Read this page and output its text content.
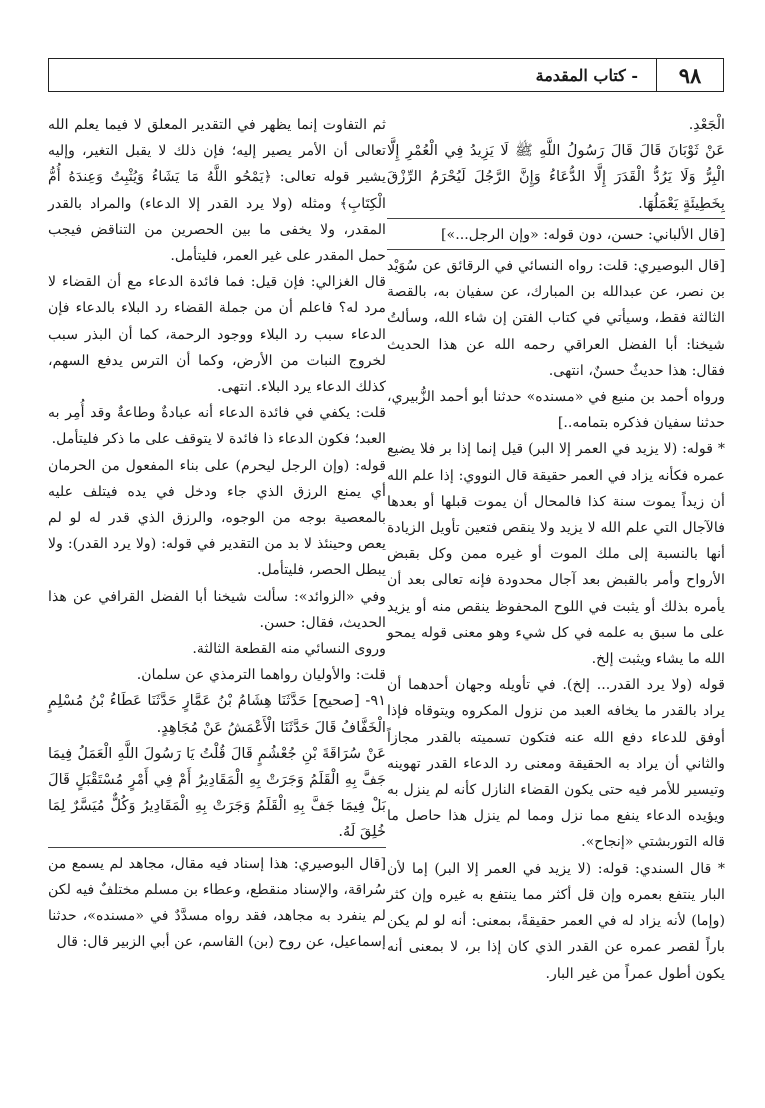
٩٨
- كتاب المقدمة

الْجَعْدِ.

عَنْ ثَوْبَانَ قَالَ قَالَ رَسُولُ اللَّهِ ﷺ لَا يَزِيدُ فِي الْعُمْرِ إِلَّا الْبِرُّ وَلَا يَرُدُّ الْقَدَرَ إِلَّا الدُّعَاءُ وَإِنَّ الرَّجُلَ لَيُحْرَمُ الرِّزْقَ بِخَطِيئَةٍ يَعْمَلُهَا.

[قال الألباني: حسن، دون قوله: «وإن الرجل...»]

[قال البوصيري: قلت: رواه النسائي في الرقائق عن سُوَيْد بن نصر، عن عبدالله بن المبارك، عن سفيان به، بالقصة الثالثة فقط، وسيأتي في كتاب الفتن إن شاء الله، وسألتُ شيخنا: أبا الفضل العراقي رحمه الله عن هذا الحديث فقال: هذا حديثٌ حسنٌ، انتهى.

ورواه أحمد بن منيع في «مسنده» حدثنا أبو أحمد الزُّبيري، حدثنا سفيان فذكره بتمامه..]

* قوله: (لا يزيد في العمر إلا البر) قيل إنما إذا بر فلا يضيع عمره فكأنه يزاد في العمر حقيقة قال النووي: إذا علم الله أن زيداً يموت سنة كذا فالمحال أن يموت قبلها أو بعدها فالآجال التي علم الله لا يزيد ولا ينقص فتعين تأويل الزيادة أنها بالنسبة إلى ملك الموت أو غيره ممن وكل بقبض الأرواح وأمر بالقبض بعد آجال محدودة فإنه تعالى بعد أن يأمره بذلك أو يثبت في اللوح المحفوظ ينقص منه أو يزيد على ما سبق به علمه في كل شيء وهو معنى قوله يمحو الله ما يشاء ويثبت إلخ.

قوله (ولا يرد القدر... إلخ). في تأويله وجهان أحدهما أن يراد بالقدر ما يخافه العبد من نزول المكروه ويتوقاه فإذا أوفق للدعاء دفع الله عنه فتكون تسميته بالقدر مجازاً والثاني أن يراد به الحقيقة ومعنى رد الدعاء القدر تهوينه وتيسير للأمر فيه حتى يكون القضاء النازل كأنه لم ينزل به ويؤيده الدعاء ينفع مما نزل ومما لم ينزل هذا حاصل ما قاله التوربشتي «إنجاح».

* قال السندي: قوله: (لا يزيد في العمر إلا البر) إما لأن البار ينتفع بعمره وإن قل أكثر مما ينتفع به غيره وإن كثر (وإما) لأنه يزاد له في العمر حقيقةً، بمعنى: أنه لو لم يكن باراً لقصر عمره عن القدر الذي كان إذا بر، لا بمعنى أنه يكون أطول عمراً من غير البار.

ثم التفاوت إنما يظهر في التقدير المعلق لا فيما يعلم الله تعالى أن الأمر يصير إليه؛ فإن ذلك لا يقبل التغير، وإليه يشير قوله تعالى: ﴿يَمْحُو اللَّهُ مَا يَشَاءُ وَيُثْبِتُ وَعِندَهُ أُمُّ الْكِتَابِ﴾ ومثله (ولا يرد القدر إلا الدعاء) والمراد بالقدر المقدر، ولا يخفى ما بين الحصرين من التناقض فيجب حمل المقدر على غير العمر، فليتأمل.

قال الغزالي: فإن قيل: فما فائدة الدعاء مع أن القضاء لا مرد له؟ فاعلم أن من جملة القضاء رد البلاء بالدعاء فإن الدعاء سبب رد البلاء ووجود الرحمة، كما أن البذر سبب لخروج النبات من الأرض، وكما أن الترس يدفع السهم، كذلك الدعاء يرد البلاء. انتهى.

قلت: يكفي في فائدة الدعاء أنه عبادةٌ وطاعةٌ وقد أُمِر به العبد؛ فكون الدعاء ذا فائدة لا يتوقف على ما ذكر فليتأمل.

قوله: (وإن الرجل ليحرم) على بناء المفعول من الحرمان أي يمنع الرزق الذي جاء ودخل في يده فيتلف عليه بالمعصية بوجه من الوجوه، والرزق الذي قدر له لو لم يعص وحينئذ لا بد من التقدير في قوله: (ولا يرد القدر): ولا يبطل الحصر، فليتأمل.

وفي «الزوائد»: سألت شيخنا أبا الفضل القرافي عن هذا الحديث، فقال: حسن.

وروى النسائي منه القطعة الثالثة.

قلت: والأوليان رواهما الترمذي عن سلمان.

٩١- [صحيح] حَدَّثَنَا هِشَامُ بْنُ عَمَّارٍ حَدَّثَنَا عَطَاءُ بْنُ مُسْلِمٍ الْخَفَّافُ قَالَ حَدَّثَنَا الْأَعْمَشُ عَنْ مُجَاهِدٍ.

عَنْ سُرَاقَةَ بْنِ جُعْشُمٍ قَالَ قُلْتُ يَا رَسُولَ اللَّهِ الْعَمَلُ فِيمَا جَفَّ بِهِ الْقَلَمُ وَجَرَتْ بِهِ الْمَقَادِيرُ أَمْ فِي أَمْرٍ مُسْتَقْبَلٍ قَالَ بَلْ فِيمَا جَفَّ بِهِ الْقَلَمُ وَجَرَتْ بِهِ الْمَقَادِيرُ وَكُلٌّ مُيَسَّرٌ لِمَا خُلِقَ لَهُ.

[قال البوصيري: هذا إسناد فيه مقال، مجاهد لم يسمع من سُراقة، والإسناد منقطع، وعطاء بن مسلم مختلفٌ فيه لكن لم ينفرد به مجاهد، فقد رواه مسدَّدٌ في «مسنده»، حدثنا إسماعيل، عن روح (بن) القاسم، عن أبي الزبير قال: قال
